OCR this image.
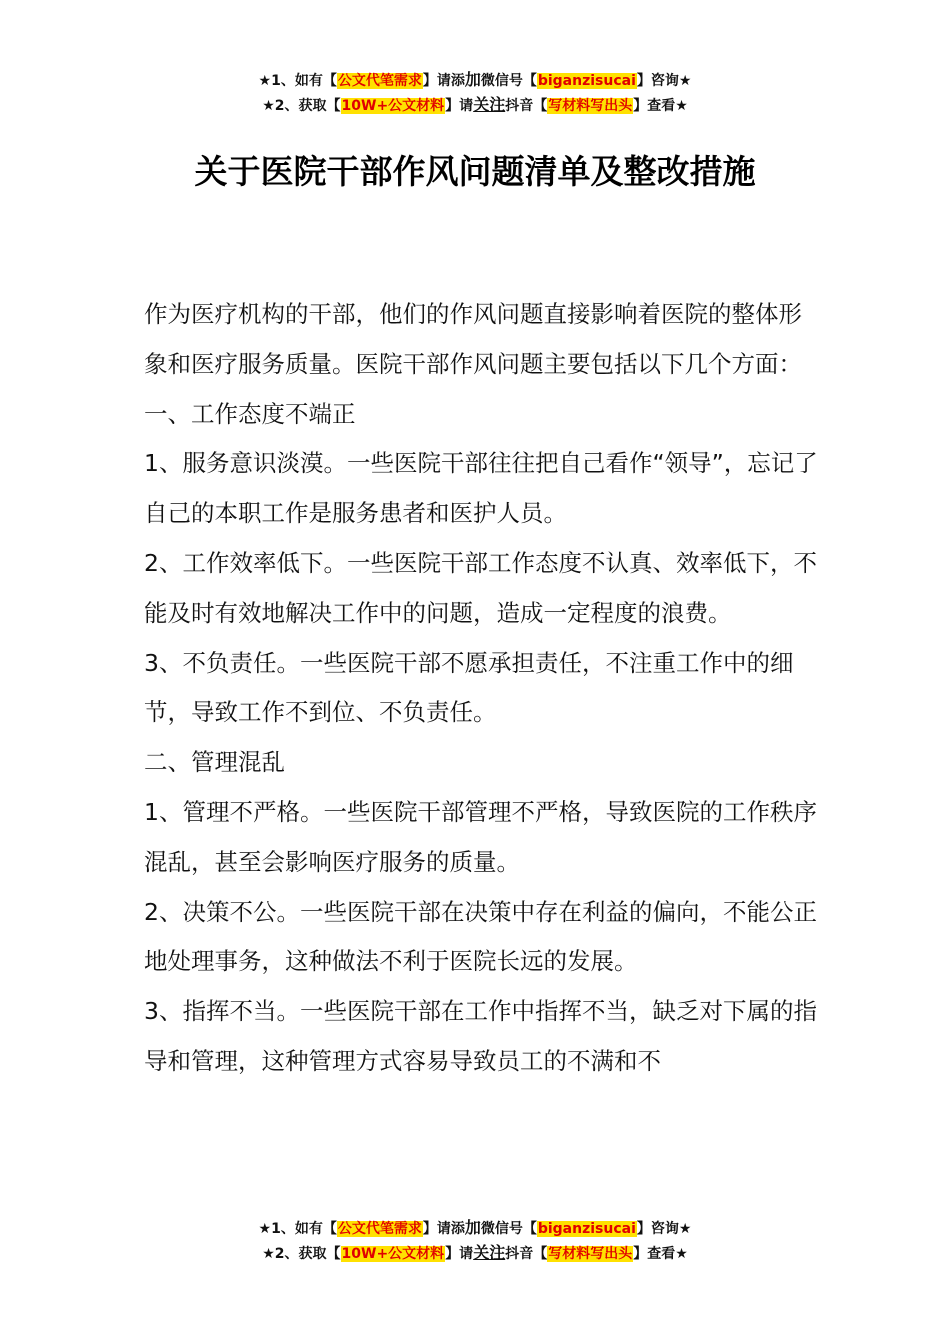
★1、如有【公文代笔需求】请添加微信号【biganzisucai】咨询★
★2、获取【10W+公文材料】请关注抖音【写材料写出头】查看★
关于医院干部作风问题清单及整改措施

作为医疗机构的干部，他们的作风问题直接影响着医院的整体形象和医疗服务质量。医院干部作风问题主要包括以下几个方面：

一、工作态度不端正

1、服务意识淡漠。一些医院干部往往把自己看作“领导”，忘记了自己的本职工作是服务患者和医护人员。

2、工作效率低下。一些医院干部工作态度不认真、效率低下，不能及时有效地解决工作中的问题，造成一定程度的浪费。

3、不负责任。一些医院干部不愿承担责任，不注重工作中的细节，导致工作不到位、不负责任。

二、管理混乱

1、管理不严格。一些医院干部管理不严格，导致医院的工作秩序混乱，甚至会影响医疗服务的质量。

2、决策不公。一些医院干部在决策中存在利益的偏向，不能公正地处理事务，这种做法不利于医院长远的发展。

3、指挥不当。一些医院干部在工作中指挥不当，缺乏对下属的指导和管理，这种管理方式容易导致员工的不满和不

★1、如有【公文代笔需求】请添加微信号【biganzisucai】咨询★
★2、获取【10W+公文材料】请关注抖音【写材料写出头】查看★
